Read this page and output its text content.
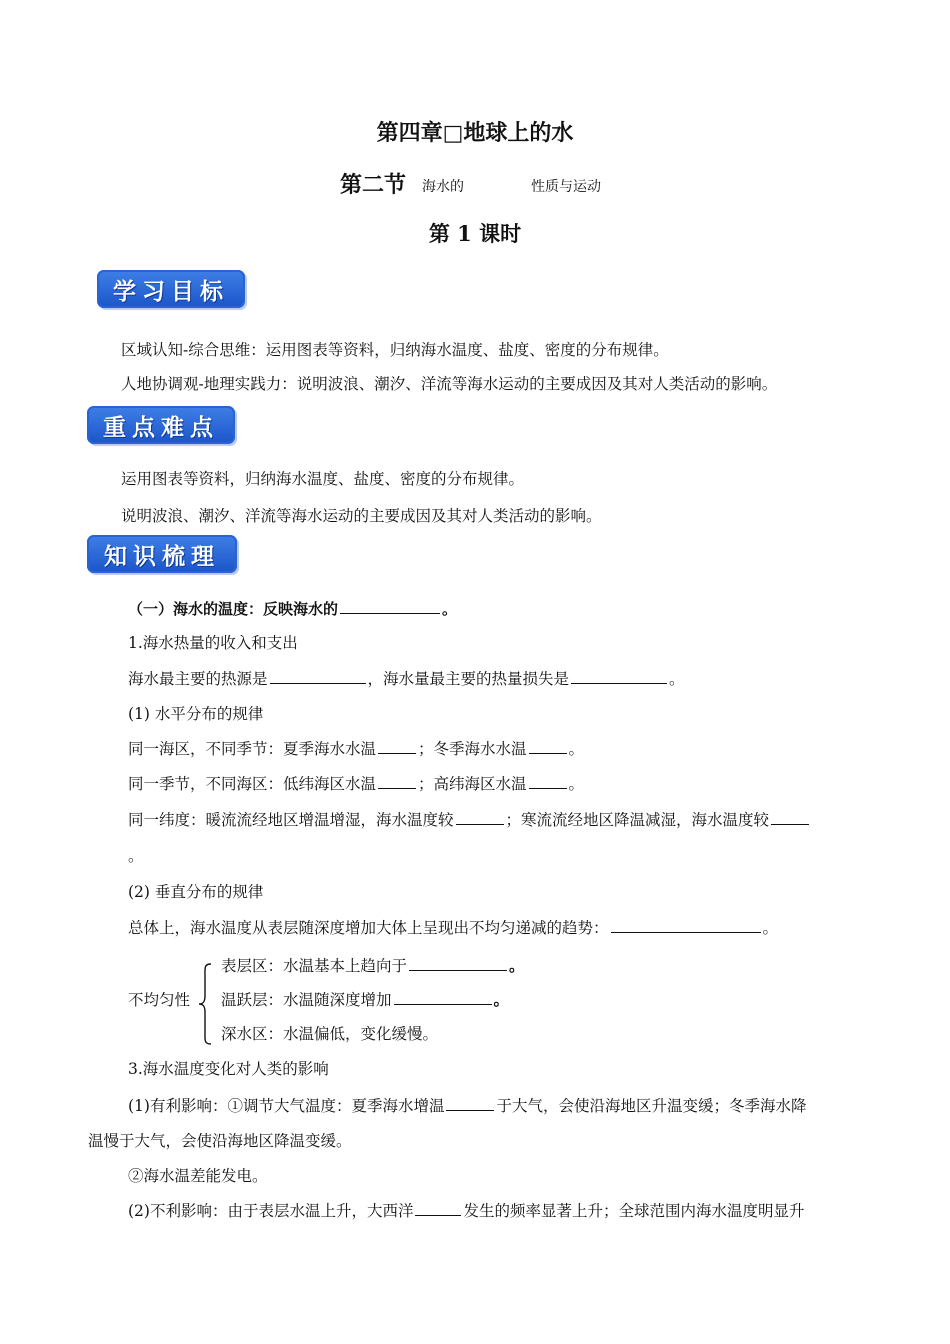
第四章□地球上的水
第二节 海水的	性质与运动
第 1 课时
学习目标
区域认知-综合思维：运用图表等资料，归纳海水温度、盐度、密度的分布规律。
人地协调观-地理实践力：说明波浪、潮汐、洋流等海水运动的主要成因及其对人类活动的影响。
重点难点
运用图表等资料，归纳海水温度、盐度、密度的分布规律。
说明波浪、潮汐、洋流等海水运动的主要成因及其对人类活动的影响。
知识梳理
（一）海水的温度：反映海水的	。
1.海水热量的收入和支出
海水最主要的热源是	，海水量最主要的热量损失是	。
(1) 水平分布的规律
同一海区，不同季节：夏季海水水温	；冬季海水水温	。
同一季节，不同海区：低纬海区水温	；高纬海区水温	。
同一纬度：暖流流经地区增温增湿，海水温度较	；寒流流经地区降温减湿，海水温度较
。
(2) 垂直分布的规律
总体上，海水温度从表层随深度增加大体上呈现出不均匀递减的趋势：	。
不均匀性
表层区：水温基本上趋向于	。
温跃层：水温随深度增加	。
深水区：水温偏低，变化缓慢。
3.海水温度变化对人类的影响
(1)有利影响：①调节大气温度：夏季海水增温	于大气，会使沿海地区升温变缓；冬季海水降
温慢于大气，会使沿海地区降温变缓。
②海水温差能发电。
(2)不利影响：由于表层水温上升，大西洋	发生的频率显著上升；全球范围内海水温度明显升
